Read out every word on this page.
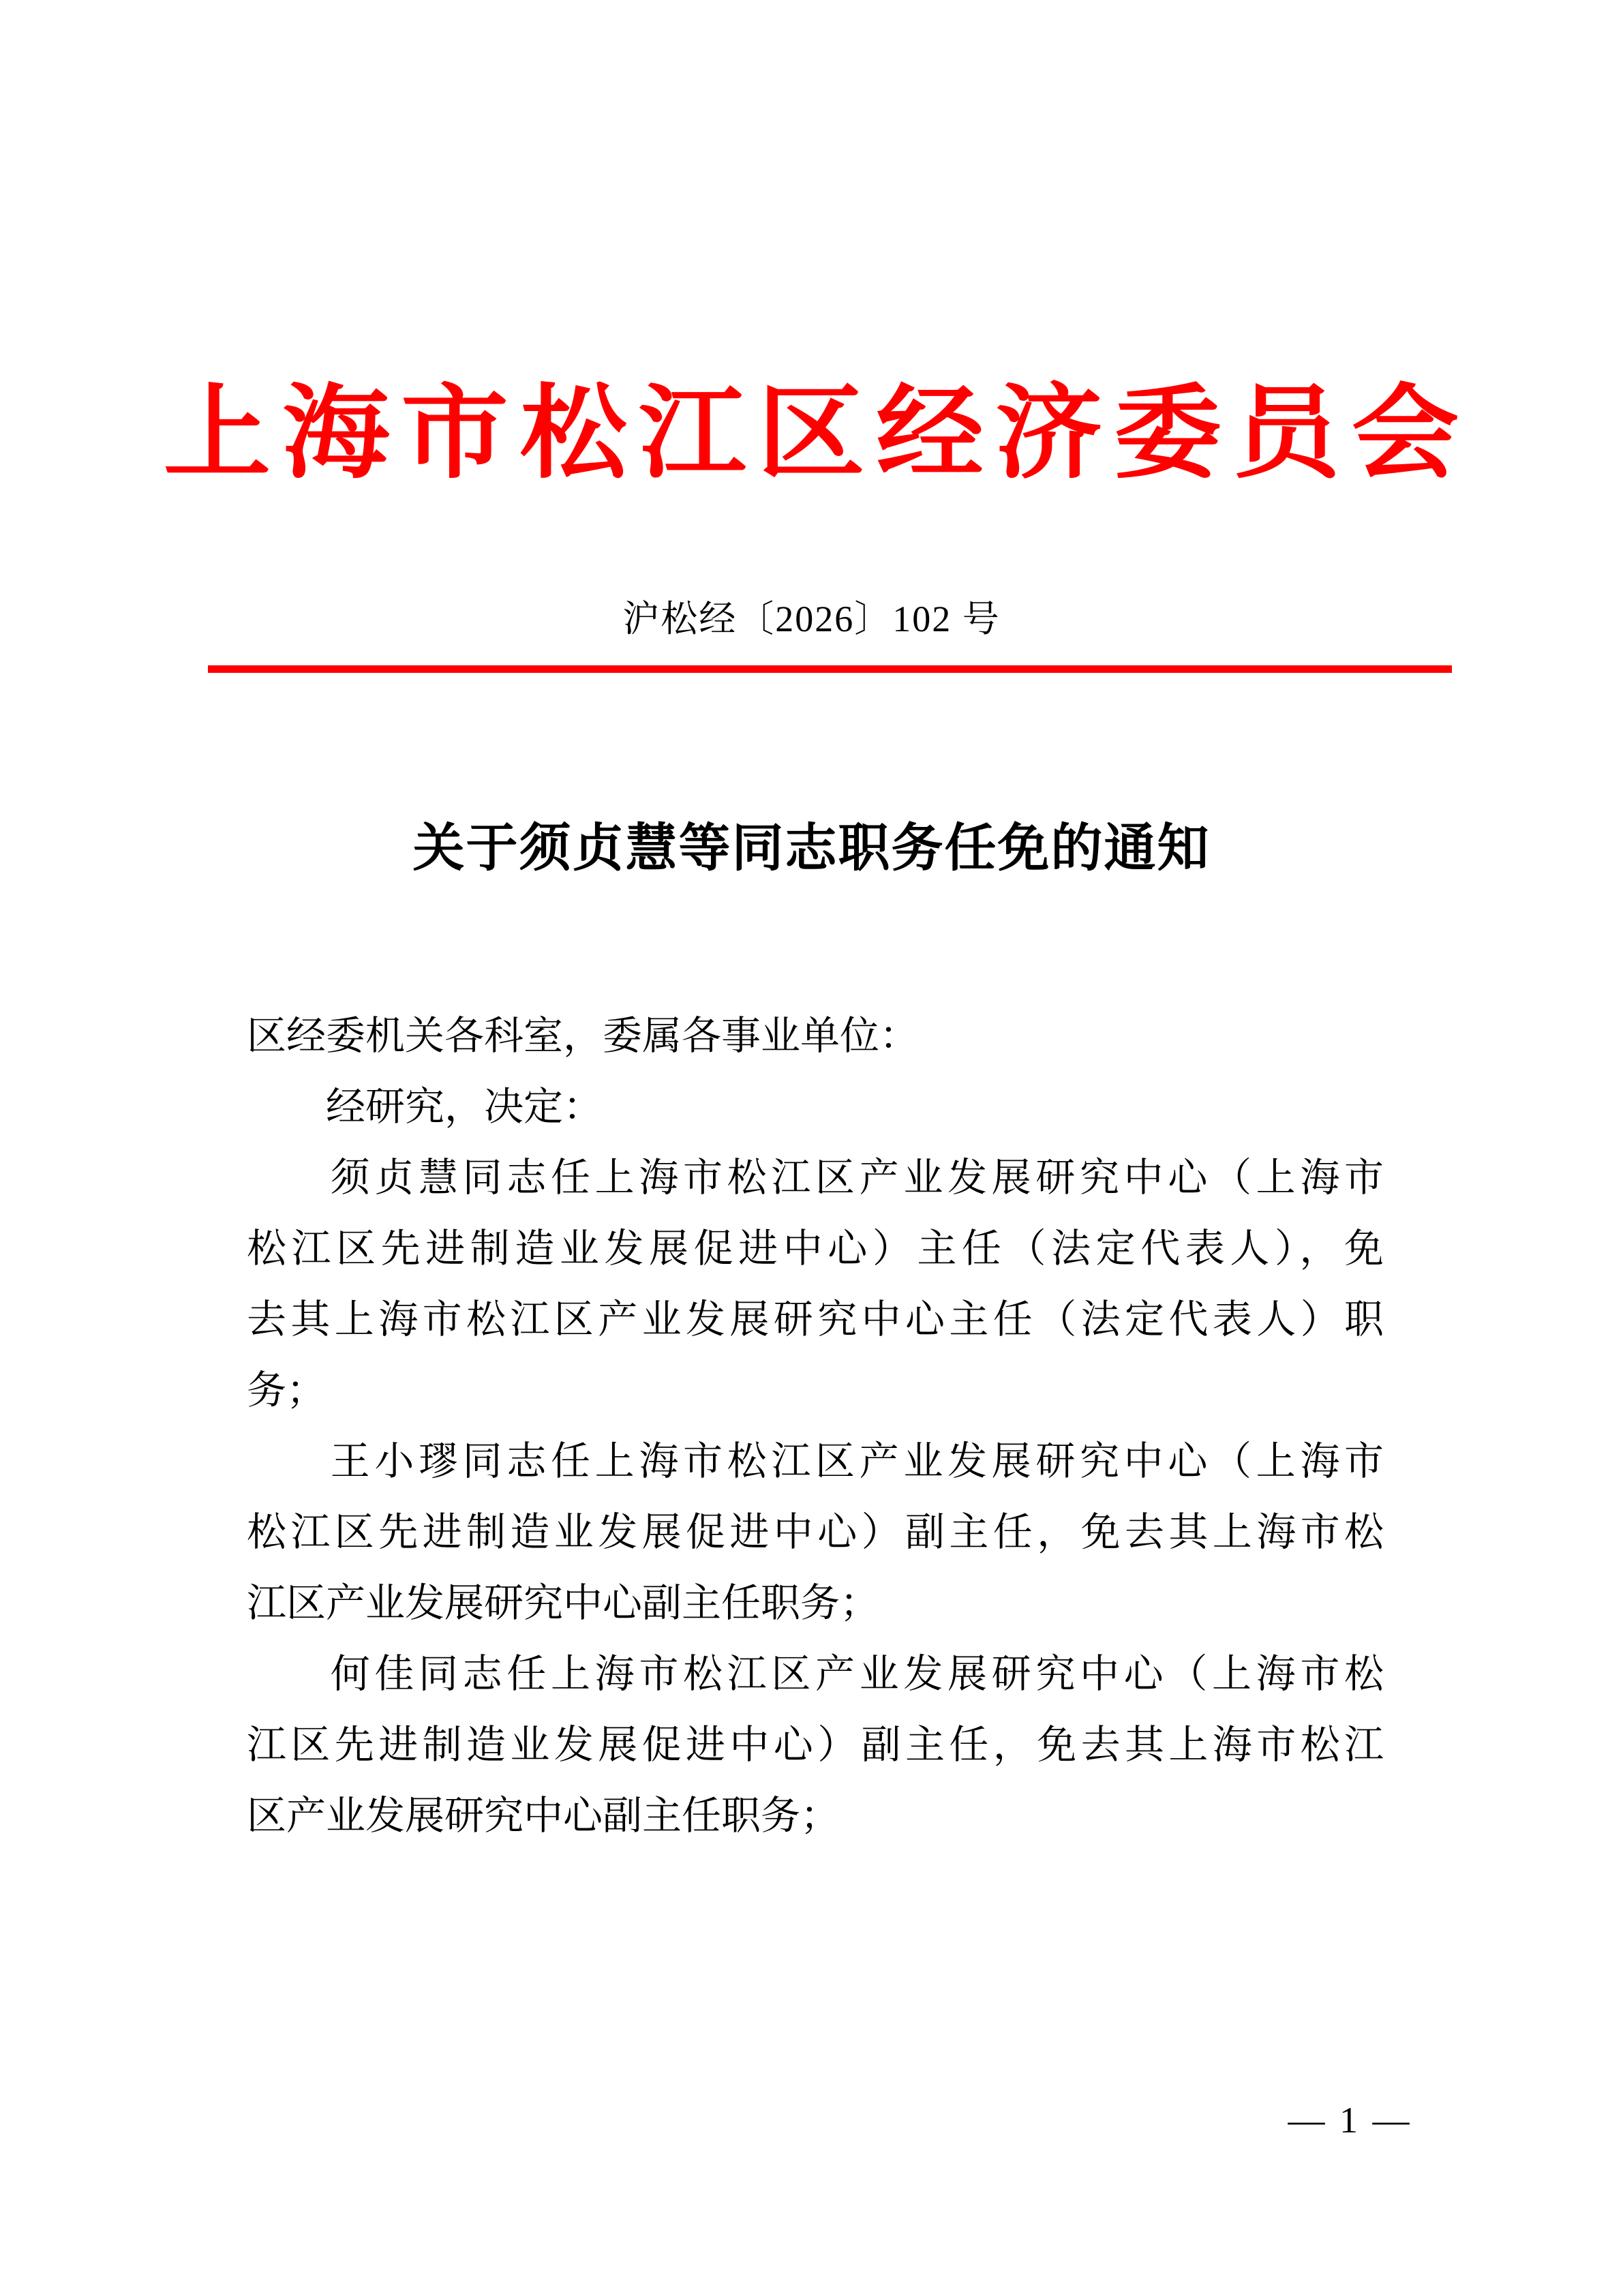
上海市松江区经济委员会
沪松经〔2026〕102 号
关于须贞慧等同志职务任免的通知
区经委机关各科室，委属各事业单位：
经研究，决定：
须贞慧同志任上海市松江区产业发展研究中心（上海市
松江区先进制造业发展促进中心）主任（法定代表人），免
去其上海市松江区产业发展研究中心主任（法定代表人）职
务；
王小璆同志任上海市松江区产业发展研究中心（上海市
松江区先进制造业发展促进中心）副主任，免去其上海市松
江区产业发展研究中心副主任职务；
何佳同志任上海市松江区产业发展研究中心（上海市松
江区先进制造业发展促进中心）副主任，免去其上海市松江
区产业发展研究中心副主任职务；
— 1 —
